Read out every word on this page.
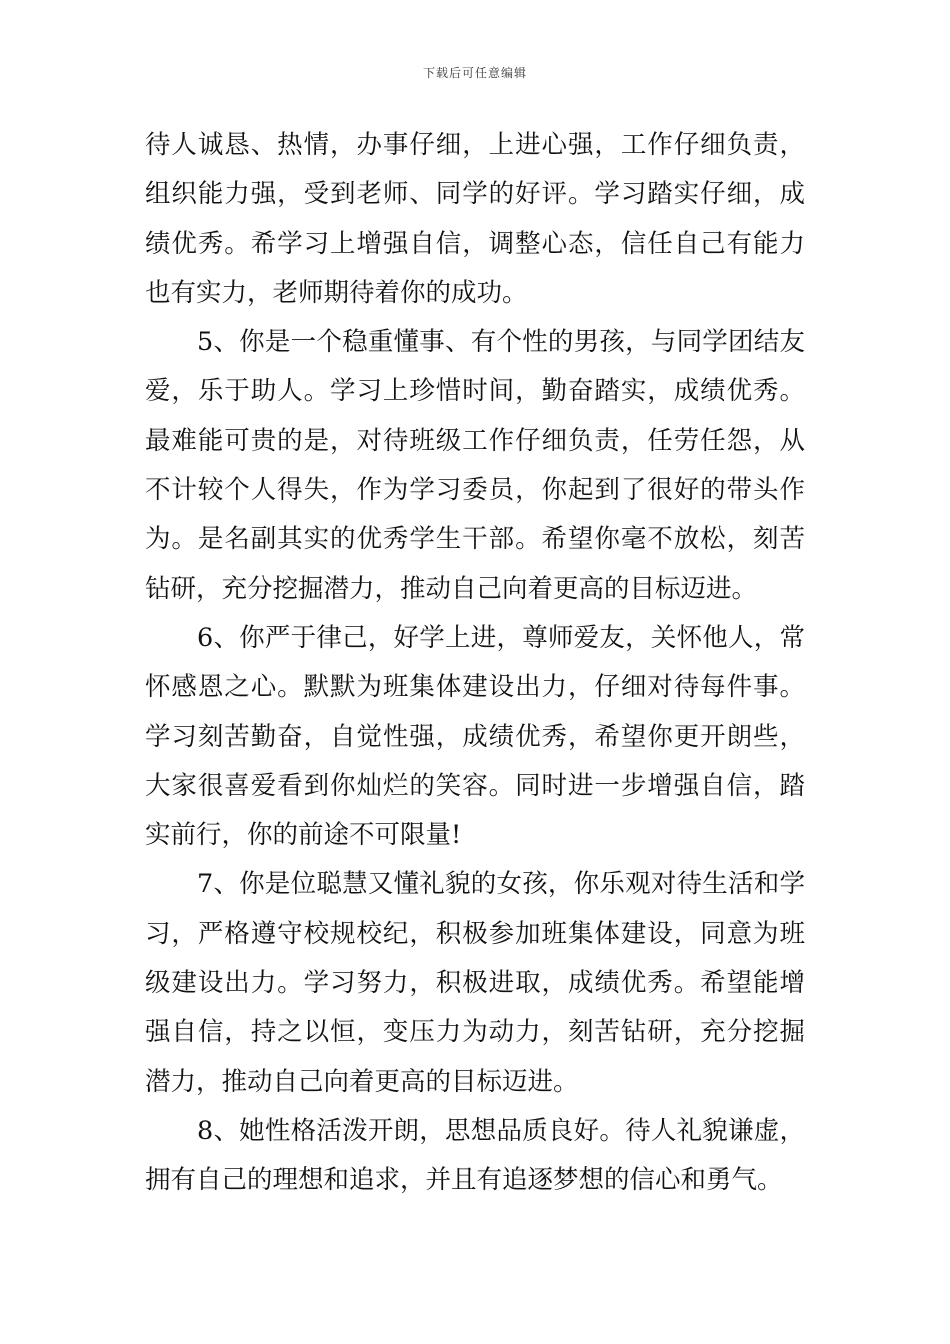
下载后可任意编辑

待人诚恳、热情，办事仔细，上进心强，工作仔细负责，组织能力强，受到老师、同学的好评。学习踏实仔细，成绩优秀。希学习上增强自信，调整心态，信任自己有能力也有实力，老师期待着你的成功。

5、你是一个稳重懂事、有个性的男孩，与同学团结友爱，乐于助人。学习上珍惜时间，勤奋踏实，成绩优秀。最难能可贵的是，对待班级工作仔细负责，任劳任怨，从不计较个人得失，作为学习委员，你起到了很好的带头作为。是名副其实的优秀学生干部。希望你毫不放松，刻苦钻研，充分挖掘潜力，推动自己向着更高的目标迈进。

6、你严于律己，好学上进，尊师爱友，关怀他人，常怀感恩之心。默默为班集体建设出力，仔细对待每件事。学习刻苦勤奋，自觉性强，成绩优秀，希望你更开朗些，大家很喜爱看到你灿烂的笑容。同时进一步增强自信，踏实前行，你的前途不可限量!

7、你是位聪慧又懂礼貌的女孩，你乐观对待生活和学习，严格遵守校规校纪，积极参加班集体建设，同意为班级建设出力。学习努力，积极进取，成绩优秀。希望能增强自信，持之以恒，变压力为动力，刻苦钻研，充分挖掘潜力，推动自己向着更高的目标迈进。

8、她性格活泼开朗，思想品质良好。待人礼貌谦虚，拥有自己的理想和追求，并且有追逐梦想的信心和勇气。
